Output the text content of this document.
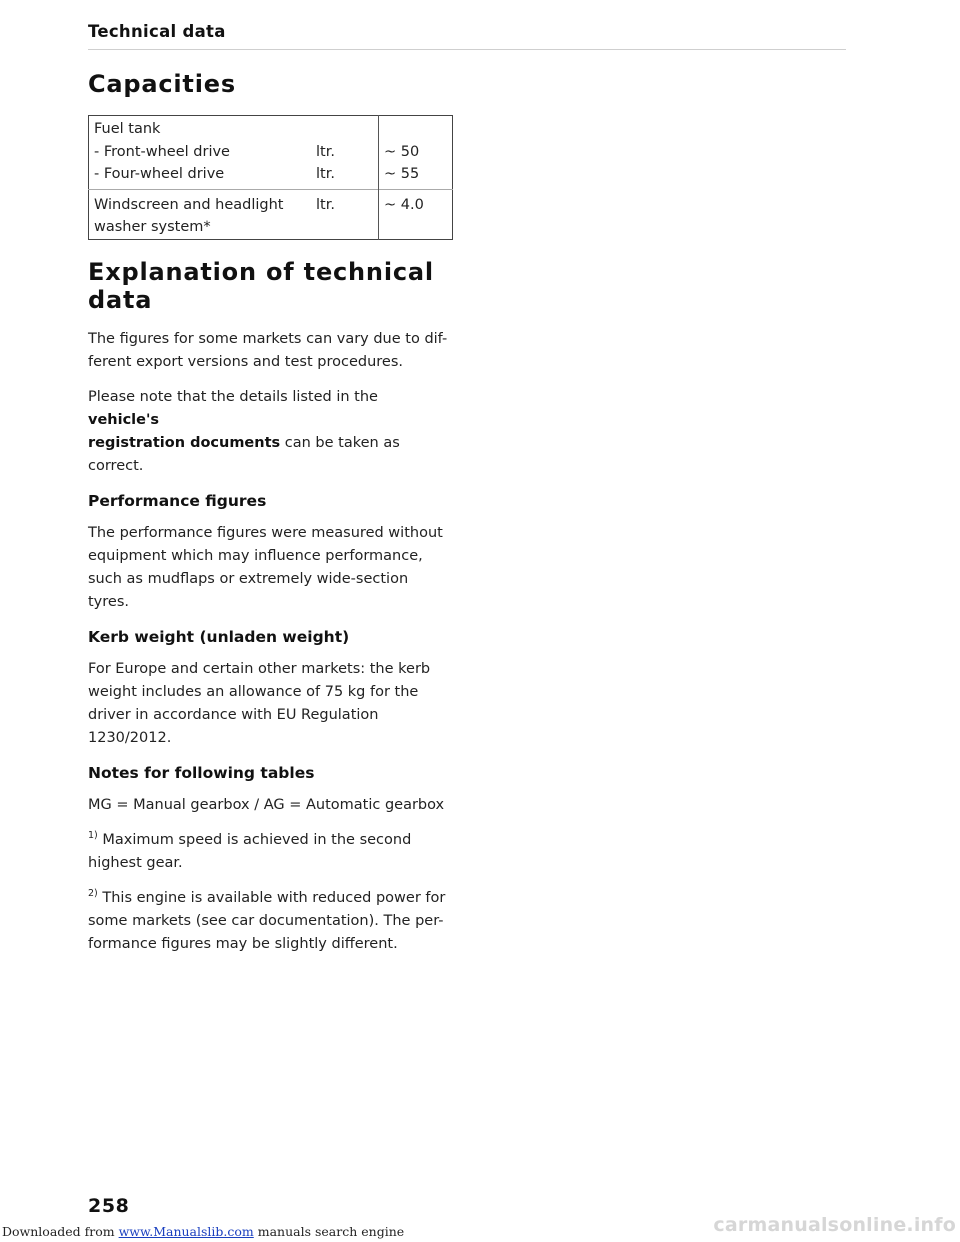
Technical data
Capacities
Fuel tank		
- Front-wheel drive	ltr.	~ 50
- Four-wheel drive	ltr.	~ 55

Windscreen and headlight
washer system*	ltr.	~ 4.0
Explanation of technical
data

The figures for some markets can vary due to dif-
ferent export versions and test procedures.

Please note that the details listed in the vehicle's
registration documents can be taken as correct.

Performance figures

The performance figures were measured without
equipment which may influence performance,
such as mudflaps or extremely wide-section
tyres.

Kerb weight (unladen weight)

For Europe and certain other markets: the kerb
weight includes an allowance of 75 kg for the
driver in accordance with EU Regulation
1230/2012.

Notes for following tables

MG = Manual gearbox / AG = Automatic gearbox

$^{1)}$ Maximum speed is achieved in the second
highest gear.

$^{2)}$ This engine is available with reduced power for
some markets (see car documentation). The per-
formance figures may be slightly different.

258
Downloaded from www.Manualslib.com manuals search engine	carmanualsonline.info
